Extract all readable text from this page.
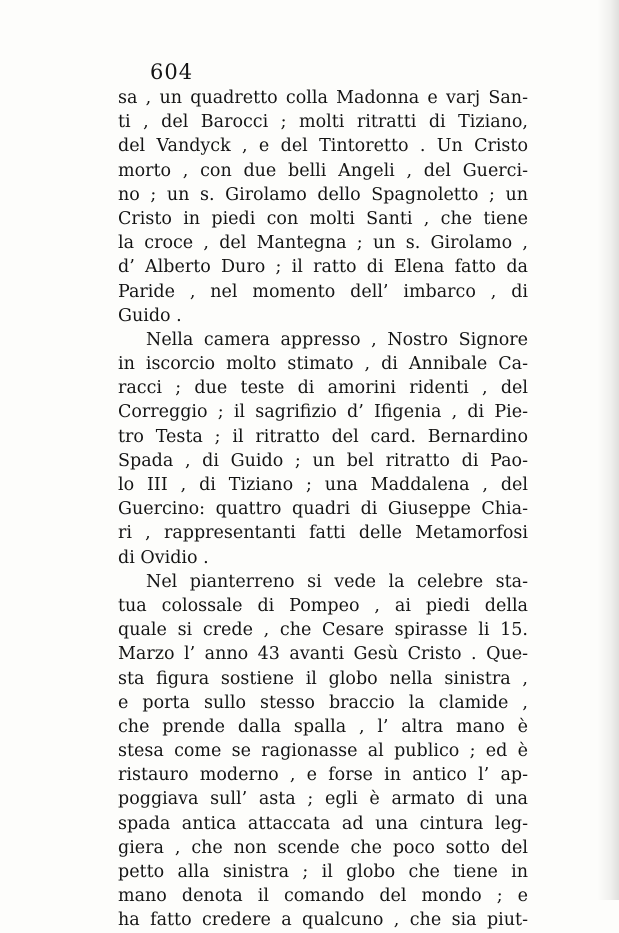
604
sa , un quadretto colla Madonna e varj San-
ti , del Barocci ; molti ritratti di Tiziano,
del Vandyck , e del Tintoretto . Un Cristo
morto , con due belli Angeli , del Guerci-
no ; un s. Girolamo dello Spagnoletto ; un
Cristo in piedi con molti Santi , che tiene
la croce , del Mantegna ; un s. Girolamo ,
d’ Alberto Duro ; il ratto di Elena fatto da
Paride , nel momento dell’ imbarco , di
Guido .
Nella camera appresso , Nostro Signore
in iscorcio molto stimato , di Annibale Ca-
racci ; due teste di amorini ridenti , del
Correggio ; il sagrifizio d’ Ifigenia , di Pie-
tro Testa ; il ritratto del card. Bernardino
Spada , di Guido ; un bel ritratto di Pao-
lo III , di Tiziano ; una Maddalena , del
Guercino: quattro quadri di Giuseppe Chia-
ri , rappresentanti fatti delle Metamorfosi
di Ovidio .
Nel pianterreno si vede la celebre sta-
tua colossale di Pompeo , ai piedi della
quale si crede , che Cesare spirasse li 15.
Marzo l’ anno 43 avanti Gesù Cristo . Que-
sta figura sostiene il globo nella sinistra ,
e porta sullo stesso braccio la clamide ,
che prende dalla spalla , l’ altra mano è
stesa come se ragionasse al publico ; ed è
ristauro moderno , e forse in antico l’ ap-
poggiava sull’ asta ; egli è armato di una
spada antica attaccata ad una cintura leg-
giera , che non scende che poco sotto del
petto alla sinistra ; il globo che tiene in
mano denota il comando del mondo ; e
ha fatto credere a qualcuno , che sia piut-
